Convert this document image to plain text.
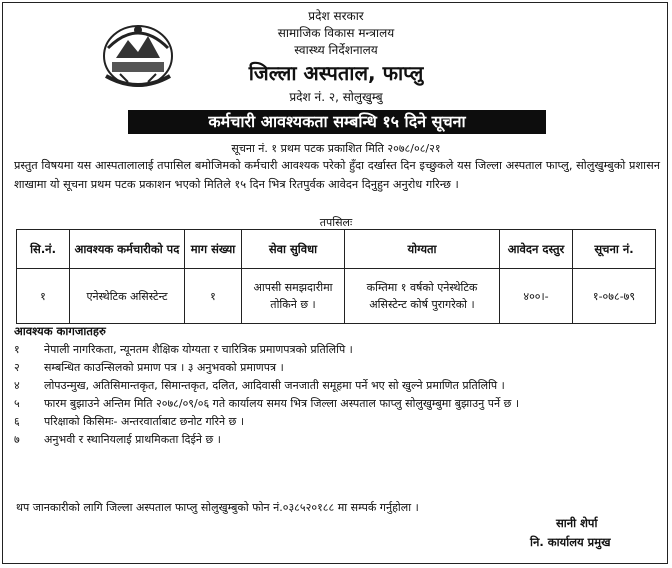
प्रदेश सरकार
सामाजिक विकास मन्त्रालय
स्वास्थ्य निर्देशनालय
जिल्ला अस्पताल, फाप्लु
प्रदेश नं. २, सोलुखुम्बु
कर्मचारी आवश्यकता सम्बन्धि १५ दिने सूचना
सूचना नं. १ प्रथम पटक प्रकाशित मिति २०७८/०८/२१
प्रस्तुत विषयमा यस आस्पतालालाई तपासिल बमोजिमको कर्मचारी आवश्यक परेको हुँदा दर्खास्त दिन इच्छुकले यस जिल्ला अस्पताल फाप्लु, सोलुखुम्बुको प्रशासन शाखामा यो सूचना प्रथम पटक प्रकाशन भएको मितिले १५ दिन भित्र रितपुर्वक आवेदन दिनुहुन अनुरोध गरिन्छ ।
तपसिलः
सि.नं.	आवश्यक कर्मचारीको पद	माग संख्या	सेवा सुविधा	योग्यता	आवेदन दस्तुर	सूचना नं.
१	एनेस्थेटिक असिस्टेन्ट	१	आपसी समझदारीमा तोकिने छ ।	कम्तिमा १ वर्षको एनेस्थेटिक असिस्टेन्ट कोर्ष पुरागरेको ।	४००।-	१-०७८-७९
आवश्यक कागजातहरु
१	नेपाली नागरिकता, न्यूनतम शैक्षिक योग्यता र चारित्रिक प्रमाणपत्रको प्रतिलिपि ।
२	सम्बन्धित काउन्सिलको प्रमाण पत्र । ३ अनुभवको प्रमाणपत्र ।
४	लोपउन्मुख, अतिसिमान्तकृत, सिमान्तकृत, दलित, आदिवासी जनजाती समूहमा पर्ने भए सो खुल्ने प्रमाणित प्रतिलिपि ।
५	फारम बुझाउने अन्तिम मिति २०७८/०९/०६ गते कार्यालय समय भित्र जिल्ला अस्पताल फाप्लु सोलुखुम्बुमा बुझाउनु पर्ने छ ।
६	परिक्षाको किसिमः- अन्तरवार्ताबाट छनोट गरिने छ ।
७	अनुभवी र स्थानियलाई प्राथमिकता दिईने छ ।
थप जानकारीको लागि जिल्ला अस्पताल फाप्लु सोलुखुम्बुको फोन नं.०३८५२०१८८ मा सम्पर्क गर्नुहोला ।
सानी शेर्पा
नि. कार्यालय प्रमुख
